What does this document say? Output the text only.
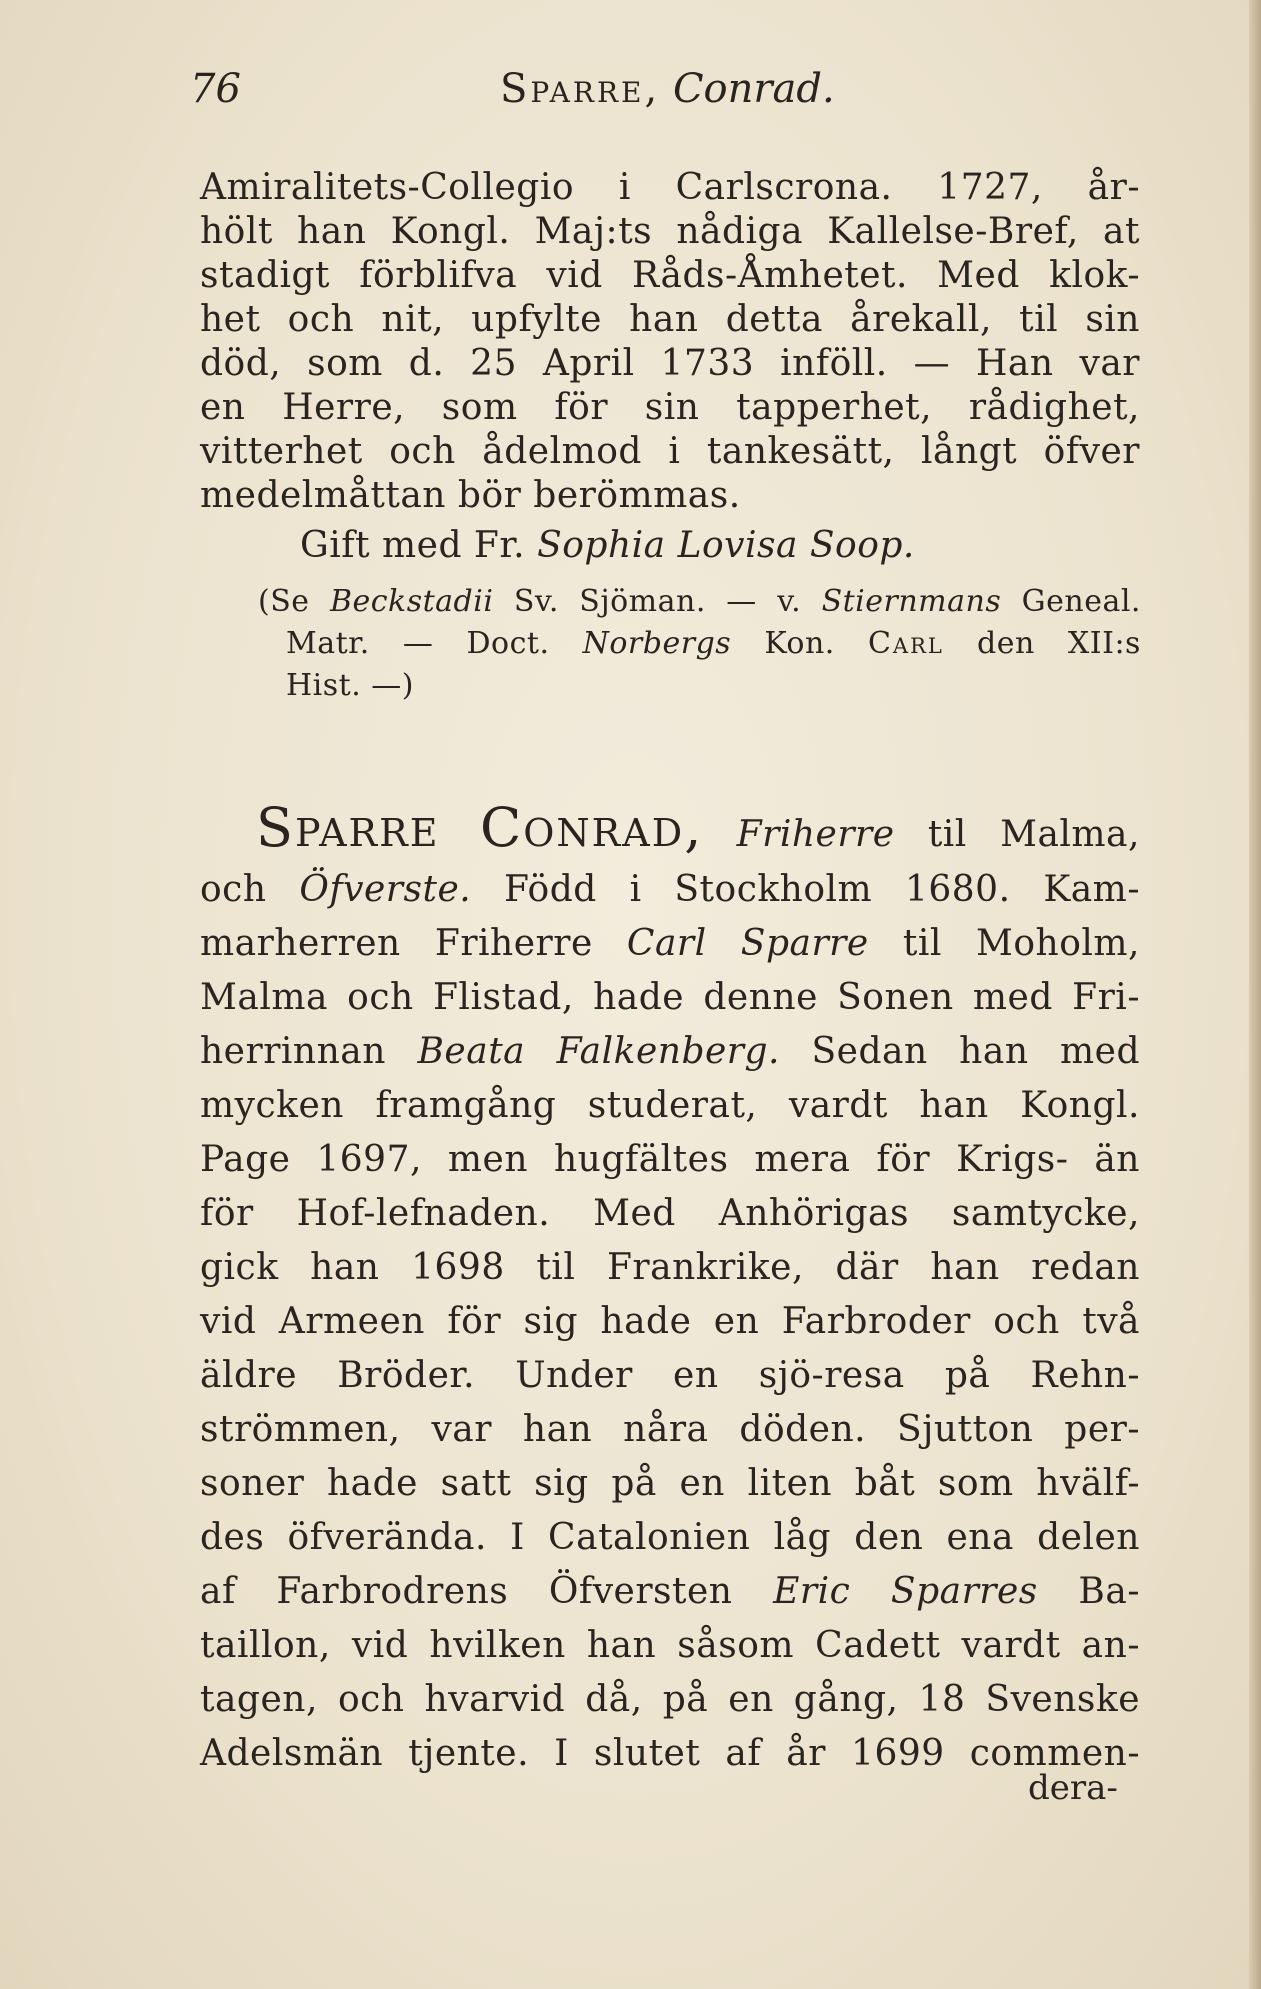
76	Sparre, Conrad.
Amiralitets-Collegio i Carlscrona. 1727, år-
hölt han Kongl. Maj:ts nådiga Kallelse-Bref, at
stadigt förblifva vid Råds-Åmhetet. Med klok-
het och nit, upfylte han detta årekall, til sin
död, som d. 25 April 1733 inföll. — Han var
en Herre, som för sin tapperhet, rådighet,
vitterhet och ådelmod i tankesätt, långt öfver
medelmåttan bör berömmas.
Gift med Fr. Sophia Lovisa Soop.
(Se Beckstadii Sv. Sjöman. — v. Stiernmans Geneal.
Matr. — Doct. Norbergs Kon. Carl den XII:s
Hist. —)
Sparre Conrad, Friherre til Malma,
och Öfverste. Född i Stockholm 1680. Kam-
marherren Friherre Carl Sparre til Moholm,
Malma och Flistad, hade denne Sonen med Fri-
herrinnan Beata Falkenberg. Sedan han med
mycken framgång studerat, vardt han Kongl.
Page 1697, men hugfältes mera för Krigs- än
för Hof-lefnaden. Med Anhörigas samtycke,
gick han 1698 til Frankrike, där han redan
vid Armeen för sig hade en Farbroder och två
äldre Bröder. Under en sjö-resa på Rehn-
strömmen, var han nåra döden. Sjutton per-
soner hade satt sig på en liten båt som hvälf-
des öfverända. I Catalonien låg den ena delen
af Farbrodrens Öfversten Eric Sparres Ba-
taillon, vid hvilken han såsom Cadett vardt an-
tagen, och hvarvid då, på en gång, 18 Svenske
Adelsmän tjente. I slutet af år 1699 commen-
dera-
